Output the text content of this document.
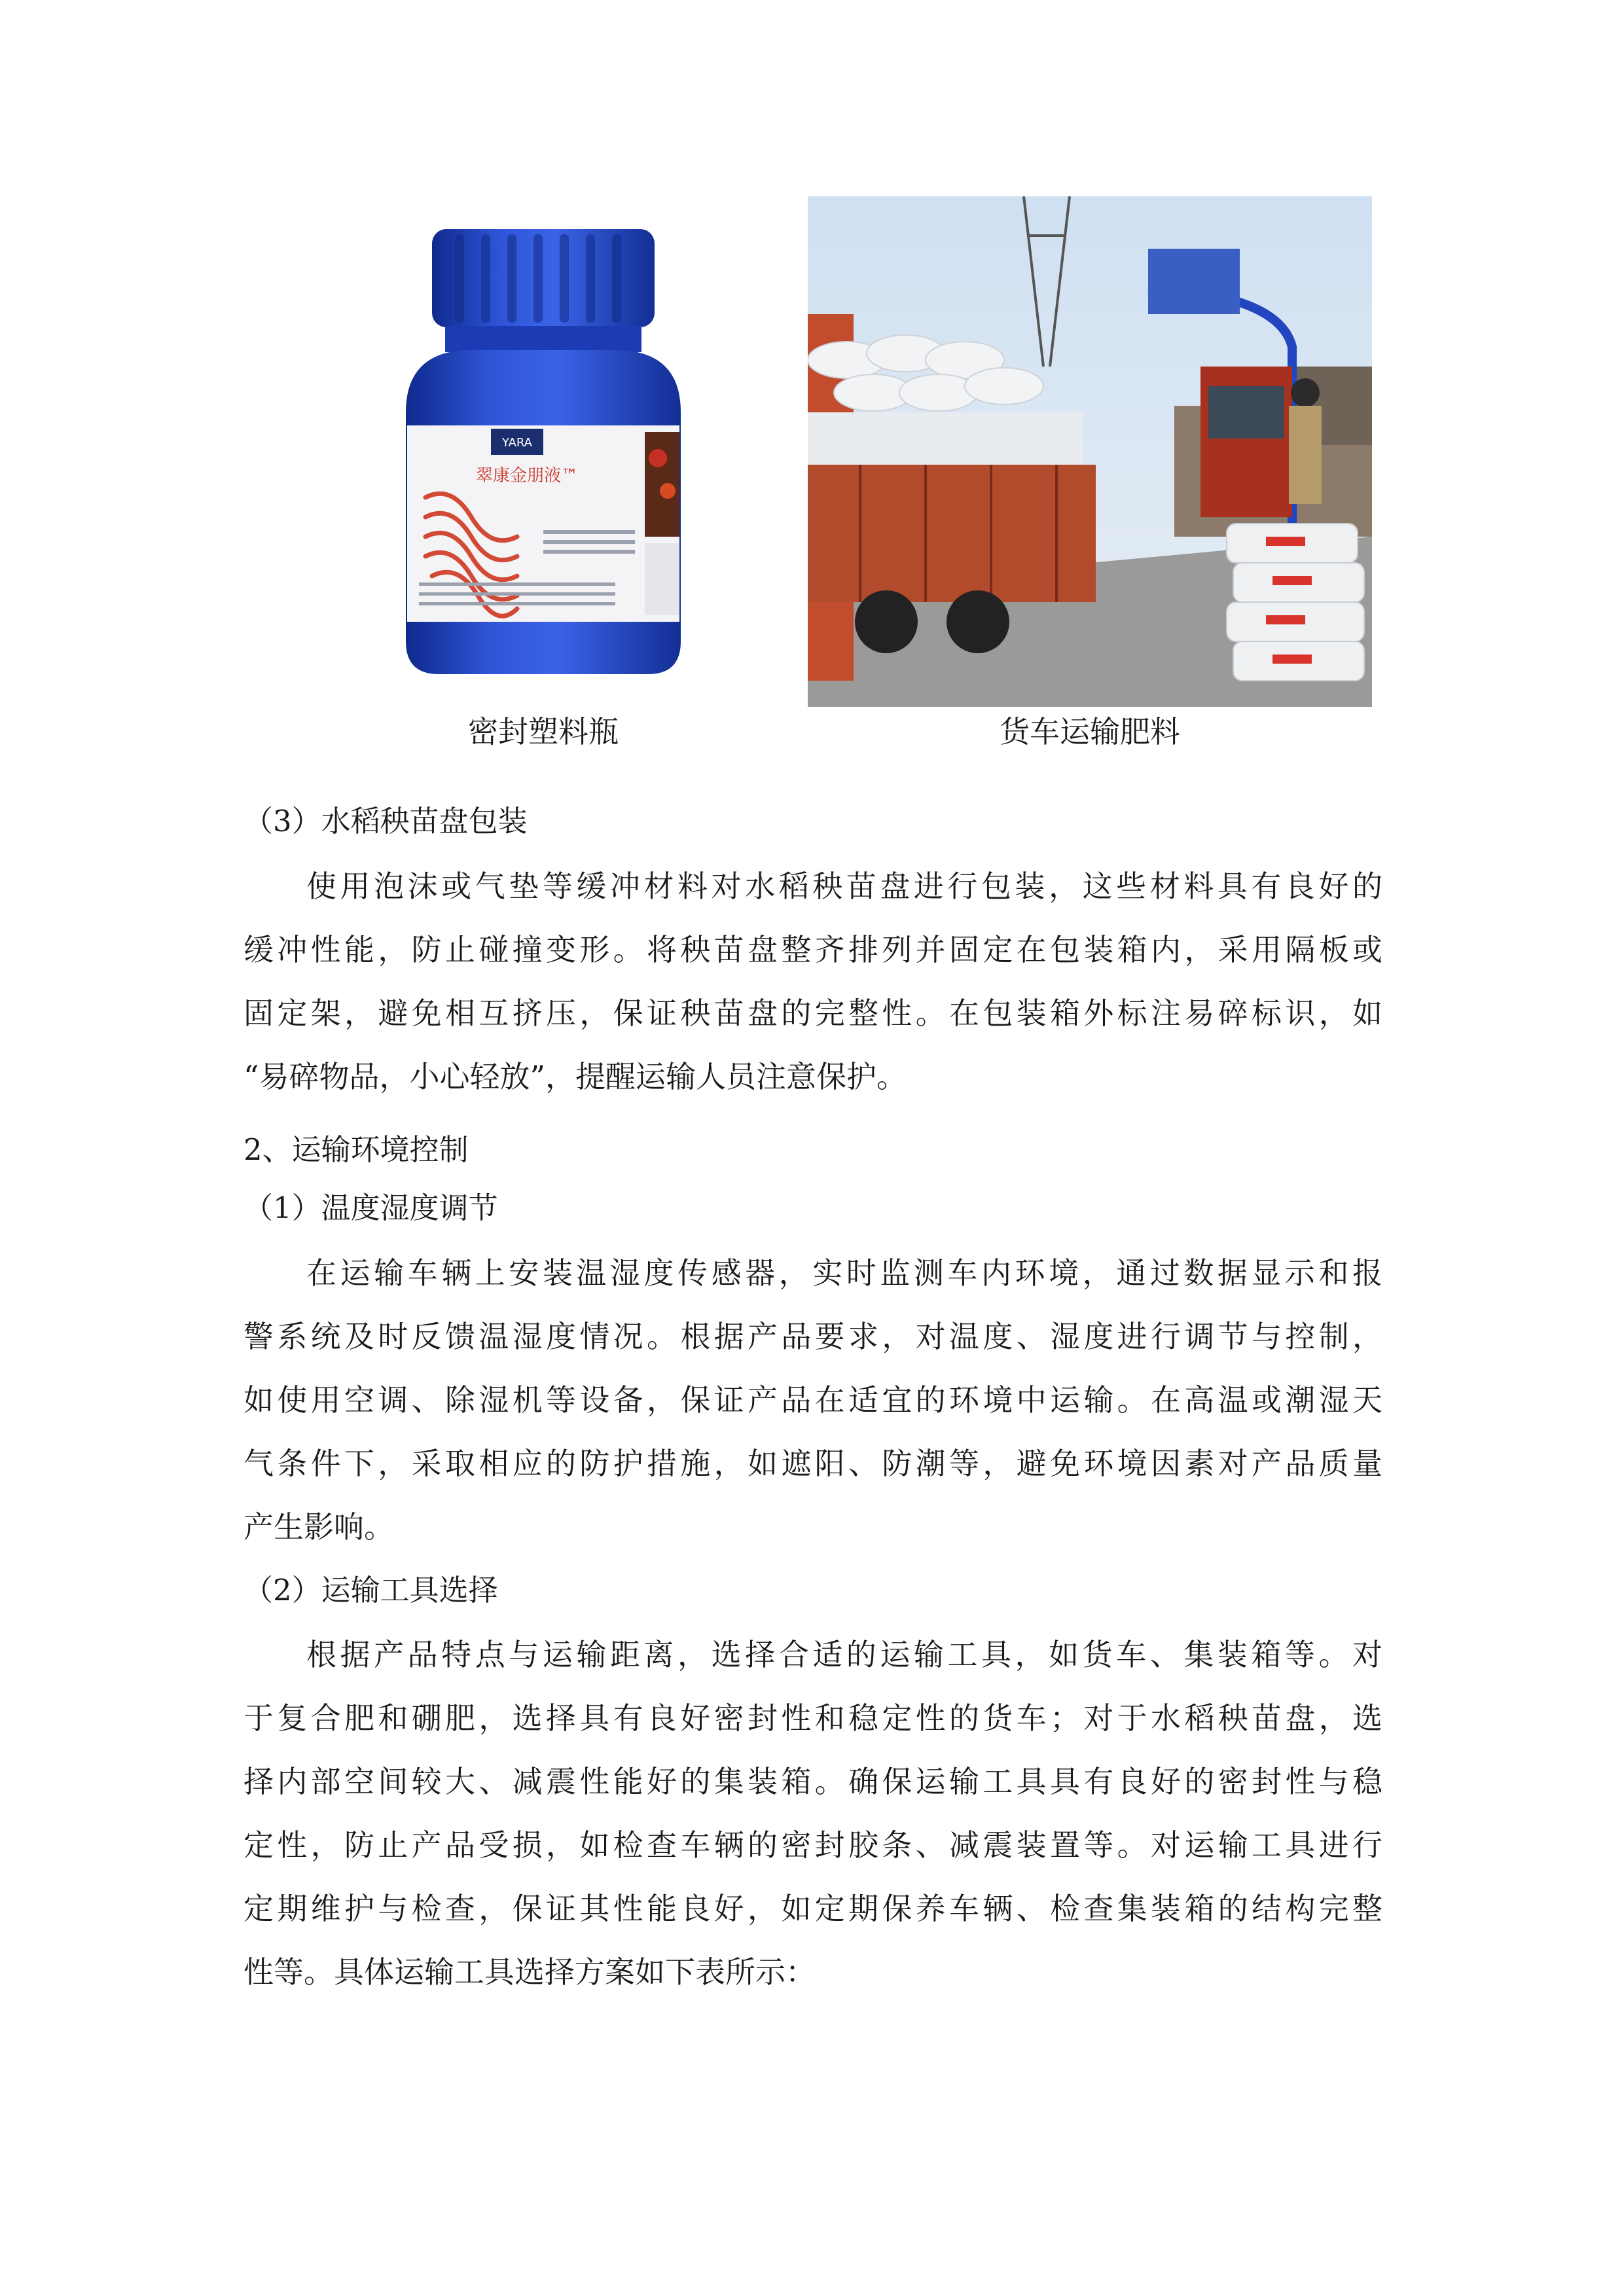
YARA
翠康金朋液™
密封塑料瓶	货车运输肥料
（3）水稻秧苗盘包装
使用泡沫或气垫等缓冲材料对水稻秧苗盘进行包装，这些材料具有良好的
缓冲性能，防止碰撞变形。将秧苗盘整齐排列并固定在包装箱内，采用隔板或
固定架，避免相互挤压，保证秧苗盘的完整性。在包装箱外标注易碎标识，如
“易碎物品，小心轻放”，提醒运输人员注意保护。
2、运输环境控制
（1）温度湿度调节
在运输车辆上安装温湿度传感器，实时监测车内环境，通过数据显示和报
警系统及时反馈温湿度情况。根据产品要求，对温度、湿度进行调节与控制，
如使用空调、除湿机等设备，保证产品在适宜的环境中运输。在高温或潮湿天
气条件下，采取相应的防护措施，如遮阳、防潮等，避免环境因素对产品质量
产生影响。
（2）运输工具选择
根据产品特点与运输距离，选择合适的运输工具，如货车、集装箱等。对
于复合肥和硼肥，选择具有良好密封性和稳定性的货车；对于水稻秧苗盘，选
择内部空间较大、减震性能好的集装箱。确保运输工具具有良好的密封性与稳
定性，防止产品受损，如检查车辆的密封胶条、减震装置等。对运输工具进行
定期维护与检查，保证其性能良好，如定期保养车辆、检查集装箱的结构完整
性等。具体运输工具选择方案如下表所示：
